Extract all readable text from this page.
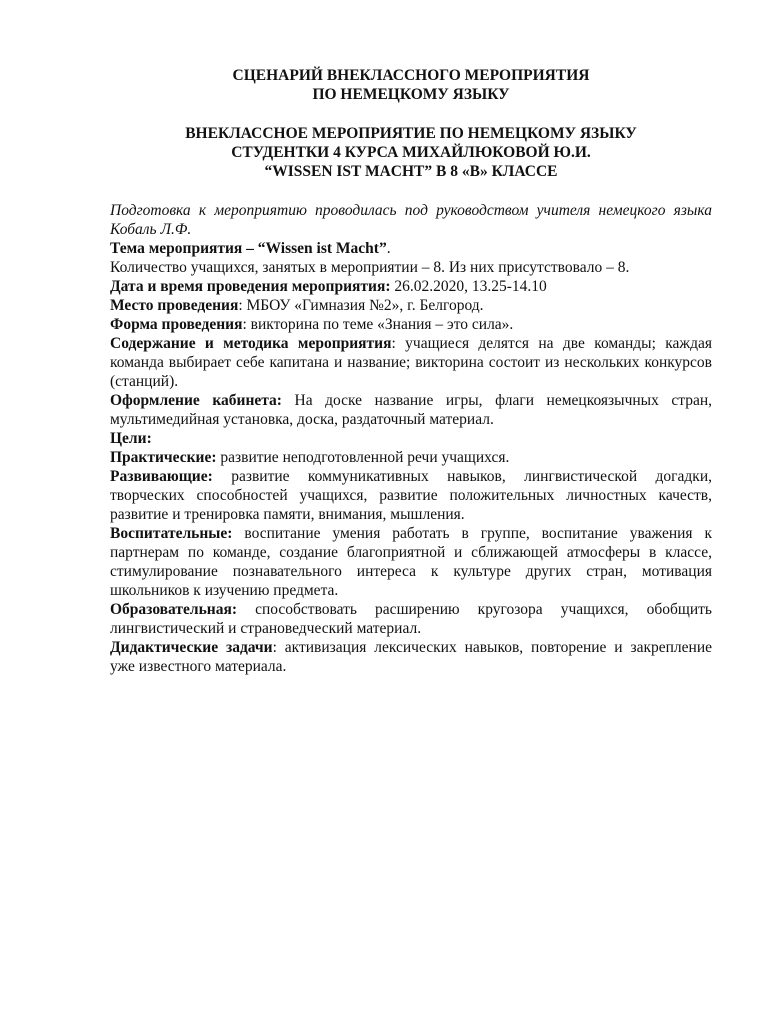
СЦЕНАРИЙ ВНЕКЛАССНОГО МЕРОПРИЯТИЯ

ПО НЕМЕЦКОМУ ЯЗЫКУ

ВНЕКЛАССНОЕ МЕРОПРИЯТИЕ ПО НЕМЕЦКОМУ ЯЗЫКУ

СТУДЕНТКИ 4 КУРСА МИХАЙЛЮКОВОЙ Ю.И.

“WISSEN IST MACHT” В 8 «В» КЛАССЕ

Подготовка к мероприятию проводилась под руководством учителя немецкого языка Кобаль Л.Ф.

Тема мероприятия – “Wissen ist Macht”.

Количество учащихся, занятых в мероприятии – 8. Из них присутствовало – 8.

Дата и время проведения мероприятия: 26.02.2020, 13.25-14.10

Место проведения: МБОУ «Гимназия №2», г. Белгород.

Форма проведения: викторина по теме «Знания – это сила».

Содержание и методика мероприятия: учащиеся делятся на две команды; каждая команда выбирает себе капитана и название; викторина состоит из нескольких конкурсов (станций).

Оформление кабинета: На доске название игры, флаги немецкоязычных стран, мультимедийная установка, доска, раздаточный материал.

Цели:

Практические: развитие неподготовленной речи учащихся.

Развивающие: развитие коммуникативных навыков, лингвистической догадки, творческих способностей учащихся, развитие положительных личностных качеств, развитие и тренировка памяти, внимания, мышления.

Воспитательные: воспитание умения работать в группе, воспитание уважения к партнерам по команде, создание благоприятной и сближающей атмосферы в классе, стимулирование познавательного интереса к культуре других стран, мотивация школьников к изучению предмета.

Образовательная: способствовать расширению кругозора учащихся, обобщить лингвистический и страноведческий материал.

Дидактические задачи: активизация лексических навыков, повторение и закрепление уже известного материала.
